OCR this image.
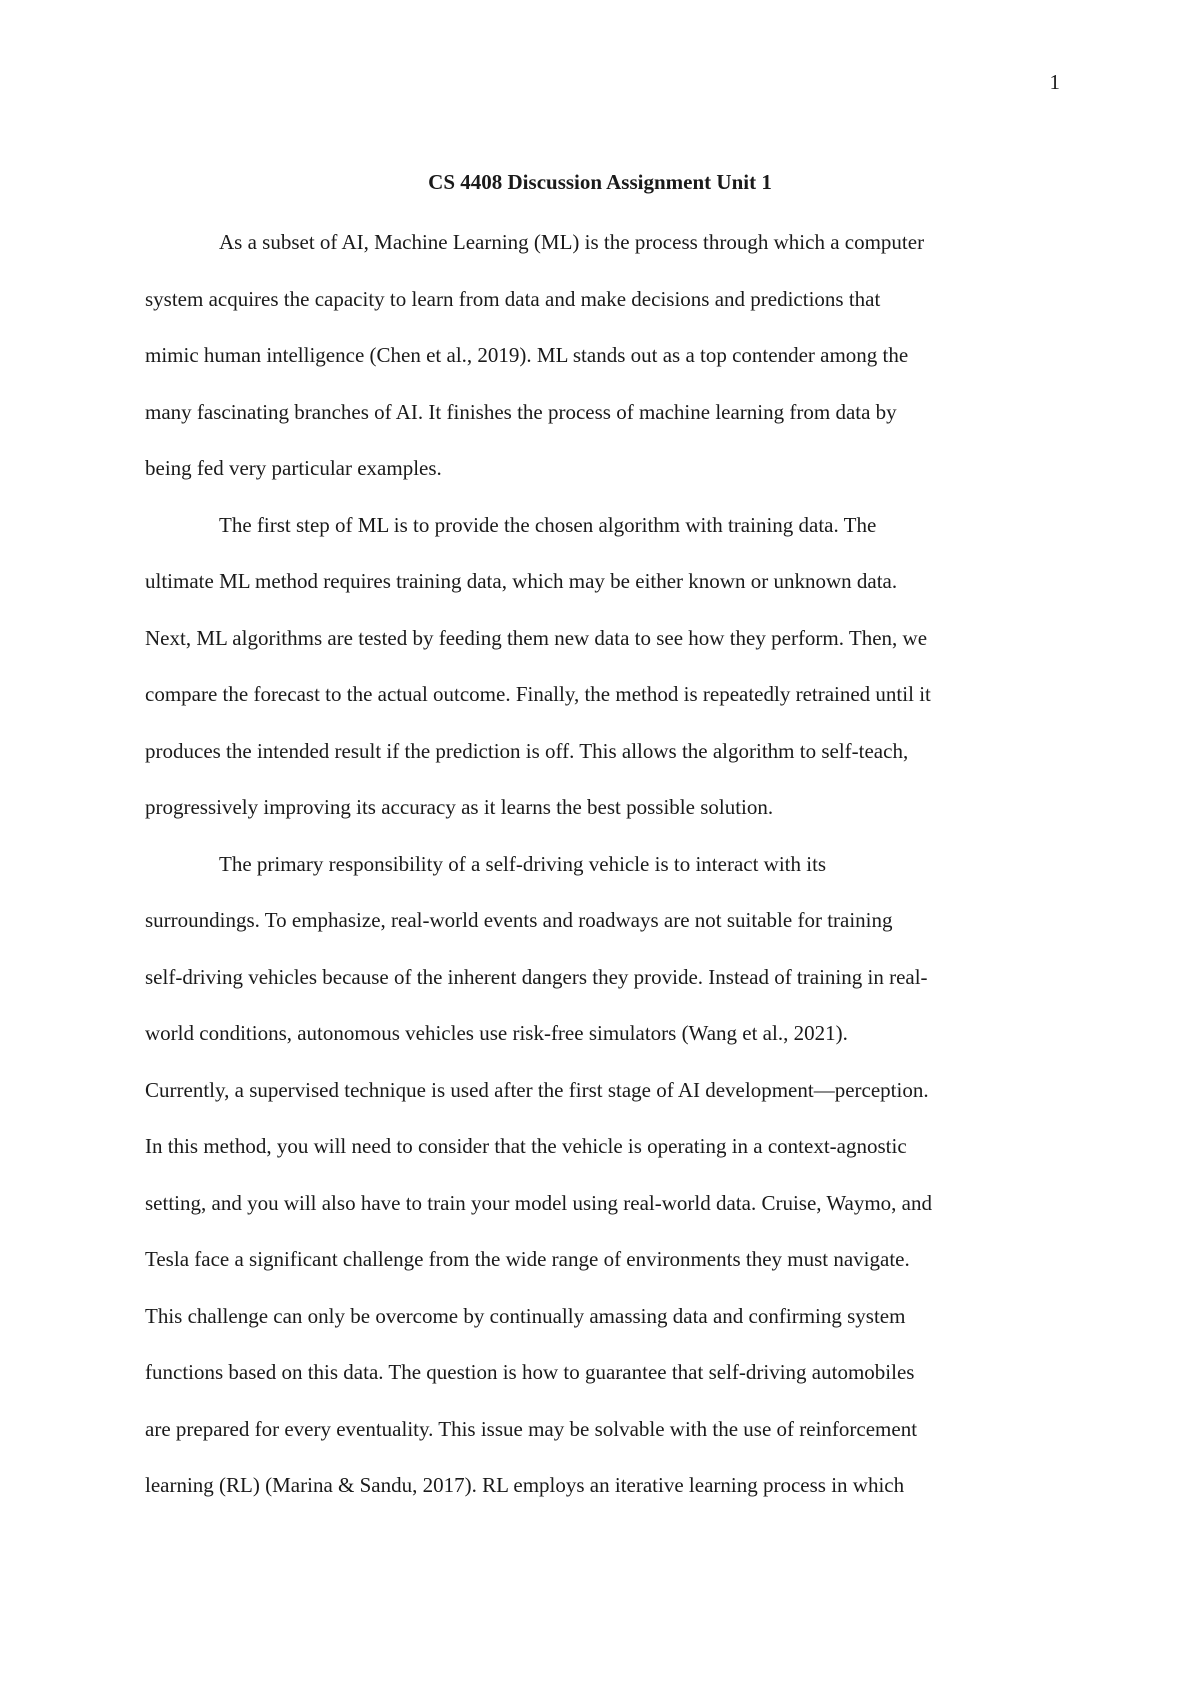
1
CS 4408 Discussion Assignment Unit 1

As a subset of AI, Machine Learning (ML) is the process through which a computer
system acquires the capacity to learn from data and make decisions and predictions that
mimic human intelligence (Chen et al., 2019). ML stands out as a top contender among the
many fascinating branches of AI. It finishes the process of machine learning from data by
being fed very particular examples.

The first step of ML is to provide the chosen algorithm with training data. The
ultimate ML method requires training data, which may be either known or unknown data.
Next, ML algorithms are tested by feeding them new data to see how they perform. Then, we
compare the forecast to the actual outcome. Finally, the method is repeatedly retrained until it
produces the intended result if the prediction is off. This allows the algorithm to self-teach,
progressively improving its accuracy as it learns the best possible solution.

The primary responsibility of a self-driving vehicle is to interact with its
surroundings. To emphasize, real-world events and roadways are not suitable for training
self-driving vehicles because of the inherent dangers they provide. Instead of training in real-
world conditions, autonomous vehicles use risk-free simulators (Wang et al., 2021).
Currently, a supervised technique is used after the first stage of AI development—perception.
In this method, you will need to consider that the vehicle is operating in a context-agnostic
setting, and you will also have to train your model using real-world data. Cruise, Waymo, and
Tesla face a significant challenge from the wide range of environments they must navigate.
This challenge can only be overcome by continually amassing data and confirming system
functions based on this data. The question is how to guarantee that self-driving automobiles
are prepared for every eventuality. This issue may be solvable with the use of reinforcement
learning (RL) (Marina & Sandu, 2017). RL employs an iterative learning process in which
